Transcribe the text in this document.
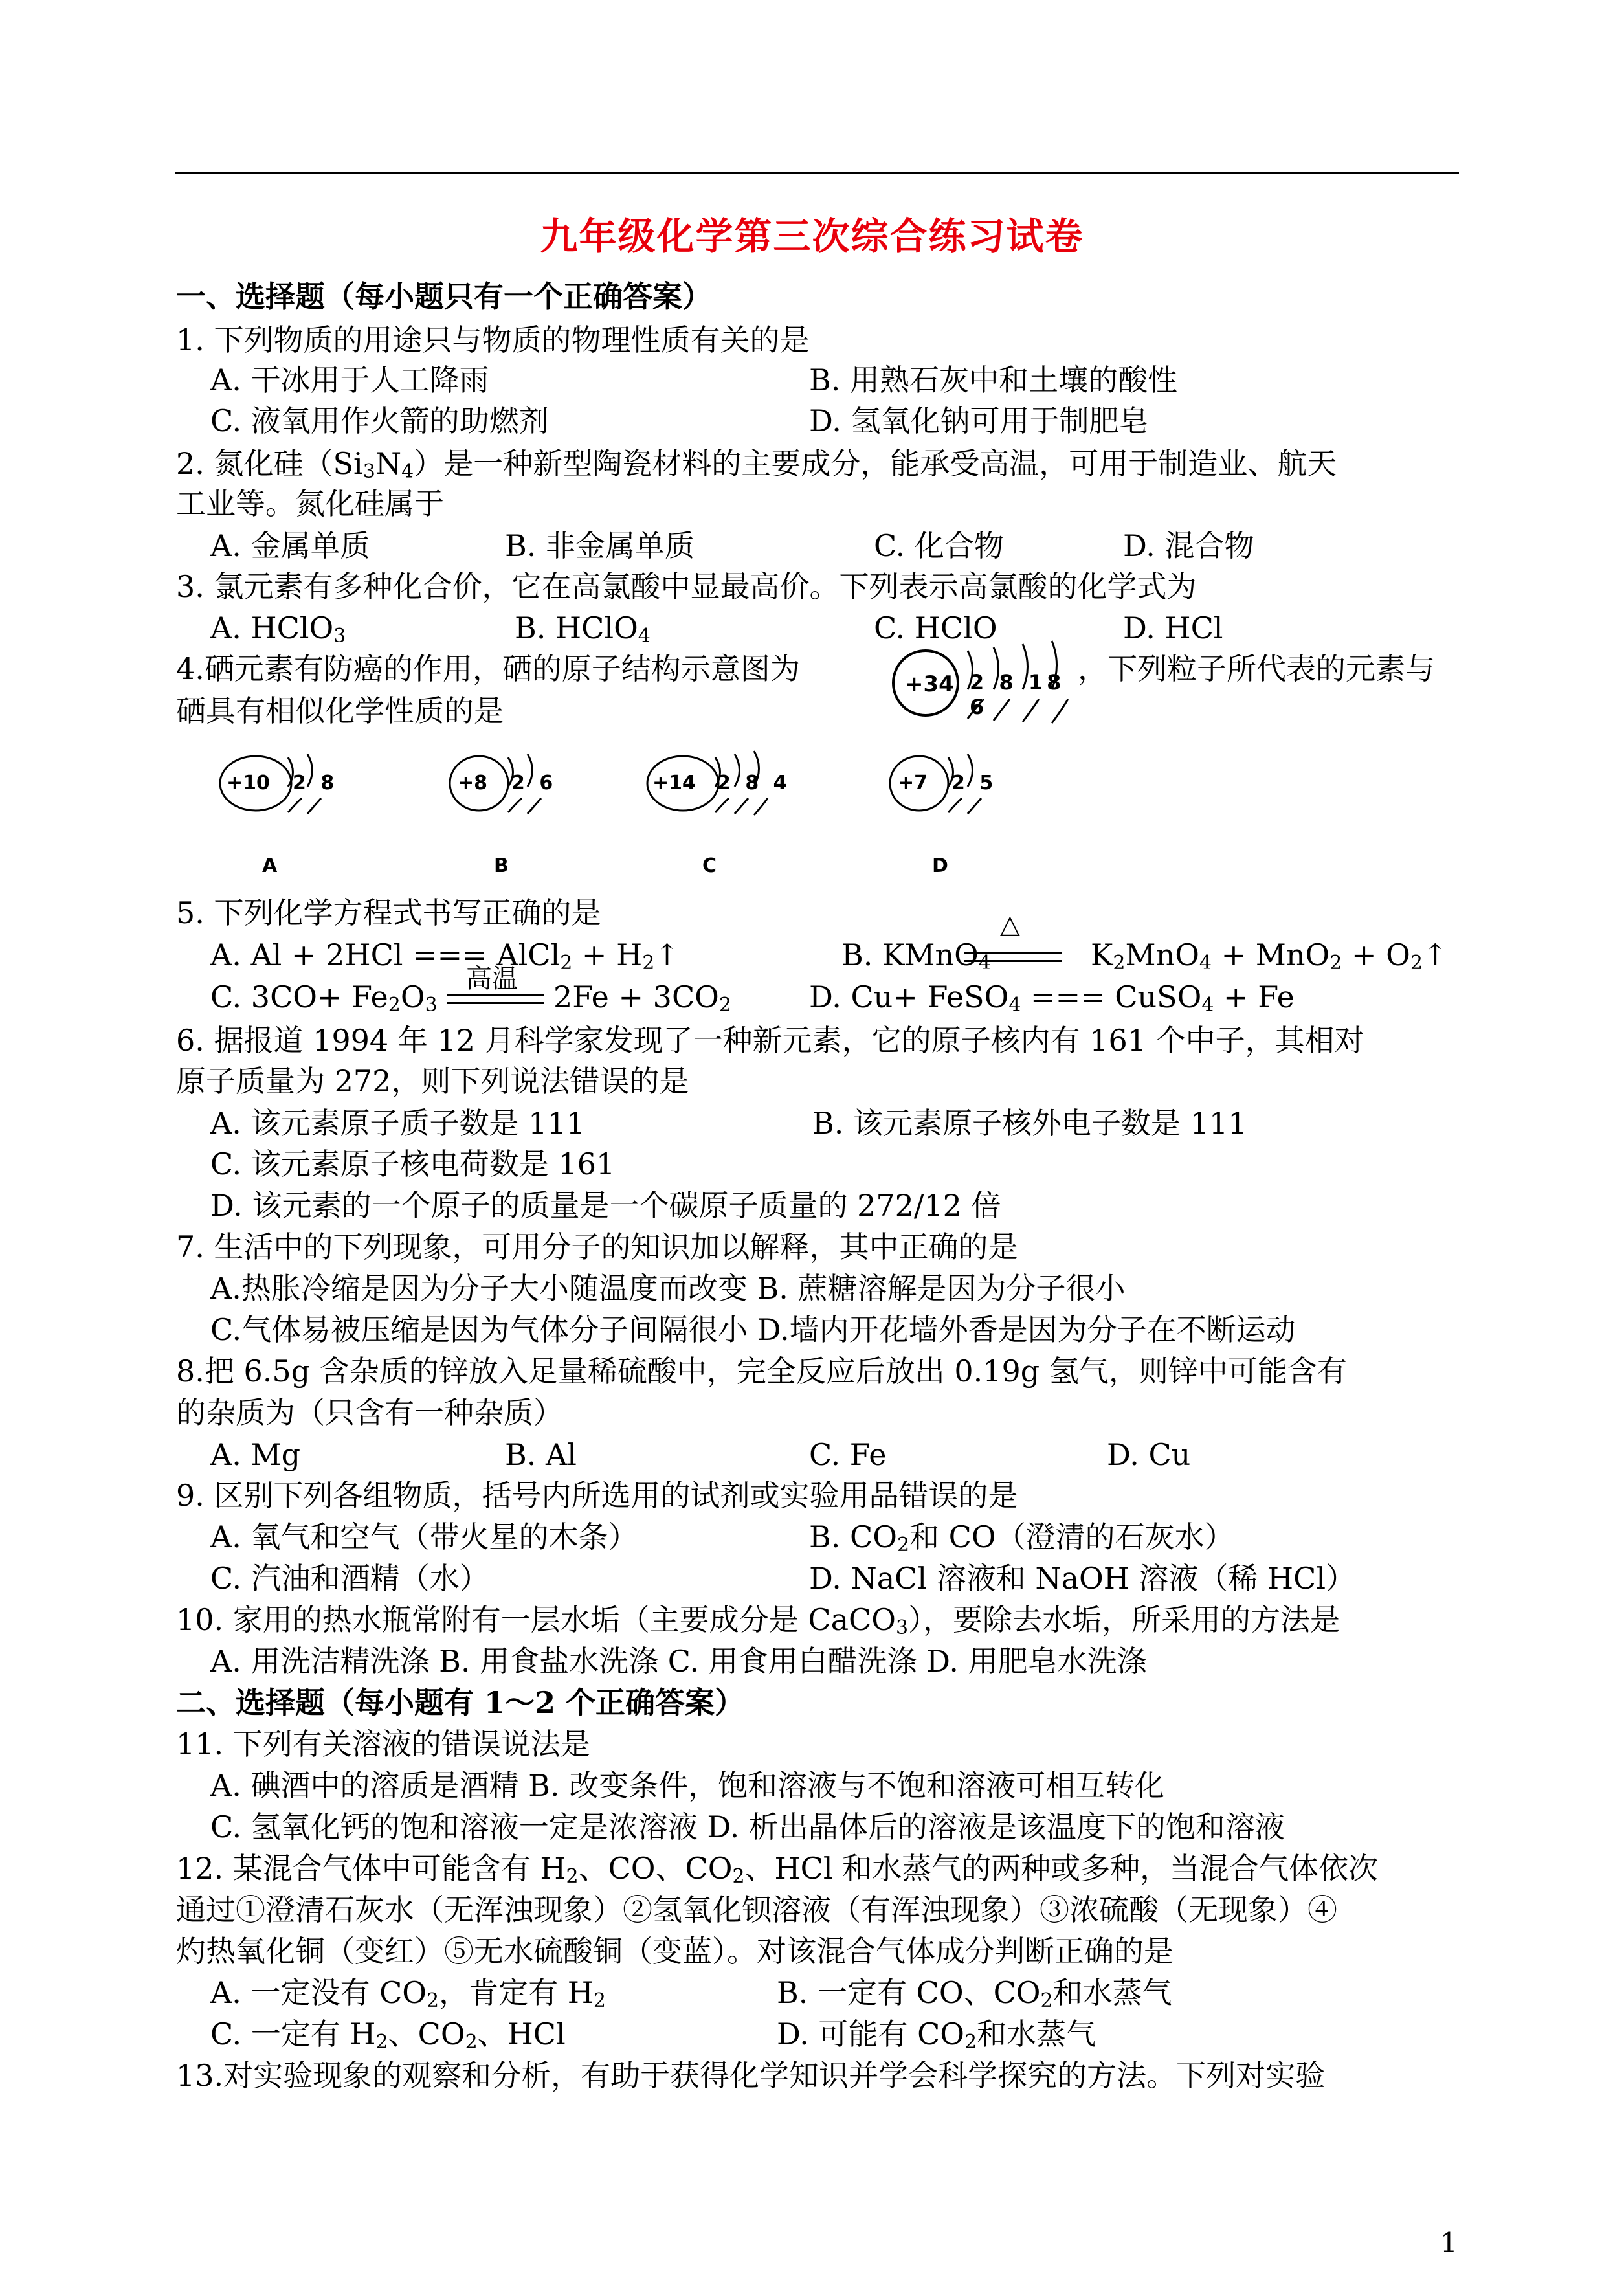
九年级化学第三次综合练习试卷
一、选择题（每小题只有一个正确答案）
1. 下列物质的用途只与物质的物理性质有关的是
A. 干冰用于人工降雨	B. 用熟石灰中和土壤的酸性
C. 液氧用作火箭的助燃剂	D. 氢氧化钠可用于制肥皂
2. 氮化硅$(Si_3N_4)$是一种新型陶瓷材料的主要成分，能承受高温，可用于制造业、航天
工业等。氮化硅属于
A. 金属单质	B. 非金属单质	C. 化合物	D. 混合物
3. 氯元素有多种化合价，它在高氯酸中显最高价。下列表示高氯酸的化学式为
A. HClO$_3$	B. HClO$_4$	C. HClO	D. HCl
4.硒元素有防癌的作用，硒的原子结构示意图为	，下列粒子所代表的元素与
硒具有相似化学性质的是
+34 2 8 18 6
+10 2 8
A
+8 2 6
B
+14 2 8 4
C
+7 2 5
D
5. 下列化学方程式书写正确的是
A. Al + 2HCl === AlCl$_2$ + $H_2↑$	B. KMnO$_4$
△
$K_2MnO_4 + MnO_2$ + $O_2↑$
C. $3CO+ Fe_2O_3$
高温
$2Fe + 3CO_2$	D. Cu+ FeSO$_4$ === CuSO$_4$ + Fe
6. 据报道 1994 年 12 月科学家发现了一种新元素，它的原子核内有 161 个中子，其相对
原子质量为 272，则下列说法错误的是
A. 该元素原子质子数是 111	B. 该元素原子核外电子数是 111
C. 该元素原子核电荷数是 161
D. 该元素的一个原子的质量是一个碳原子质量的 272/12 倍
7. 生活中的下列现象，可用分子的知识加以解释，其中正确的是
A.热胀冷缩是因为分子大小随温度而改变 B. 蔗糖溶解是因为分子很小
C.气体易被压缩是因为气体分子间隔很小 D.墙内开花墙外香是因为分子在不断运动
8.把 6.5g 含杂质的锌放入足量稀硫酸中，完全反应后放出 0.19g 氢气，则锌中可能含有
的杂质为（只含有一种杂质）
A. Mg	B. Al	C. Fe	D. Cu
9. 区别下列各组物质，括号内所选用的试剂或实验用品错误的是
A. 氧气和空气（带火星的木条）	B. $CO_2$和 CO（澄清的石灰水）
C. 汽油和酒精（水）	D. NaCl 溶液和 NaOH 溶液（稀 HCl）
10. 家用的热水瓶常附有一层水垢（主要成分是 CaCO$_3$），要除去水垢，所采用的方法是
A. 用洗洁精洗涤 B. 用食盐水洗涤 C. 用食用白醋洗涤 D. 用肥皂水洗涤
二、选择题（每小题有 1～2 个正确答案）
11. 下列有关溶液的错误说法是
A. 碘酒中的溶质是酒精 B. 改变条件，饱和溶液与不饱和溶液可相互转化
C. 氢氧化钙的饱和溶液一定是浓溶液 D. 析出晶体后的溶液是该温度下的饱和溶液
12. 某混合气体中可能含有 $H_2$、CO、$CO_2$、HCl 和水蒸气的两种或多种，当混合气体依次
通过①澄清石灰水（无浑浊现象）②氢氧化钡溶液（有浑浊现象）③浓硫酸（无现象）④
灼热氧化铜（变红）⑤无水硫酸铜（变蓝）。对该混合气体成分判断正确的是
A. 一定没有 $CO_2$，肯定有 $H_2$	B. 一定有 CO、$CO_2$和水蒸气
C. 一定有 $H_2$、$CO_2$、HCl	D. 可能有 $CO_2$和水蒸气
13.对实验现象的观察和分析，有助于获得化学知识并学会科学探究的方法。下列对实验
1
